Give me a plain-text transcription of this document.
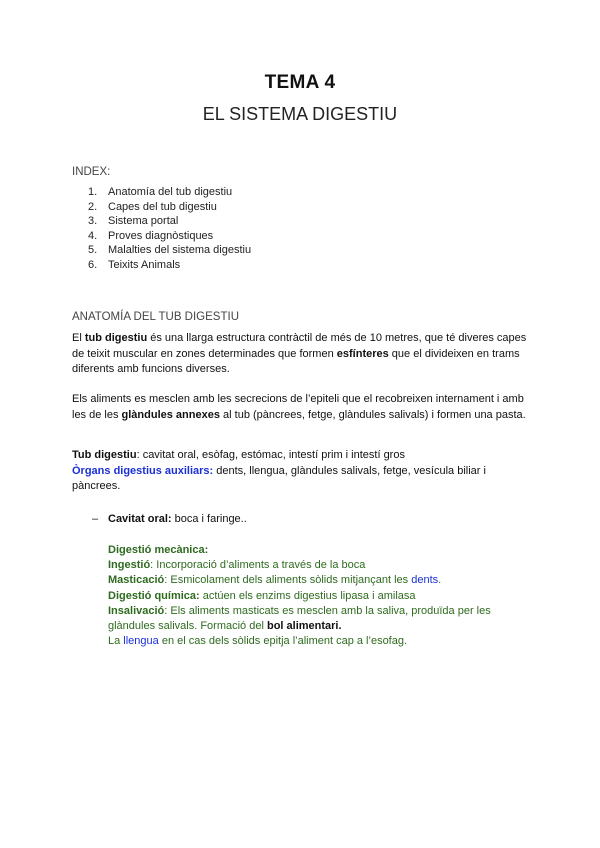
TEMA 4
EL SISTEMA DIGESTIU
INDEX:
1. Anatomía del tub digestiu
2. Capes del tub digestiu
3. Sistema portal
4. Proves diagnòstiques
5. Malalties del sistema digestiu
6. Teixits Animals
ANATOMÍA DEL TUB DIGESTIU
El tub digestiu és una llarga estructura contràctil de més de 10 metres, que té diveres capes de teixit muscular en zones determinades que formen esfínteres que el divideixen en trams diferents amb funcions diverses.
Els aliments es mesclen amb les secrecions de l’epiteli que el recobreixen internament i amb les de les glàndules annexes al tub (pàncrees, fetge, glàndules salivals) i formen una pasta.
Tub digestiu: cavitat oral, esòfag, estómac, intestí prim i intestí gros
Òrgans digestius auxiliars: dents, llengua, glàndules salivals, fetge, vesícula biliar i pàncrees.
– Cavitat oral: boca i faringe..
Digestió mecànica:
Ingestió: Incorporació d’aliments a través de la boca
Masticació: Esmicolament dels aliments sòlids mitjançant les dents.
Digestió química: actúen els enzims digestius lipasa i amilasa
Insalivació: Els aliments masticats es mesclen amb la saliva, produïda per les glàndules salivals. Formació del bol alimentari.
La llengua en el cas dels sòlids epitja l’aliment cap a l’esofag.
